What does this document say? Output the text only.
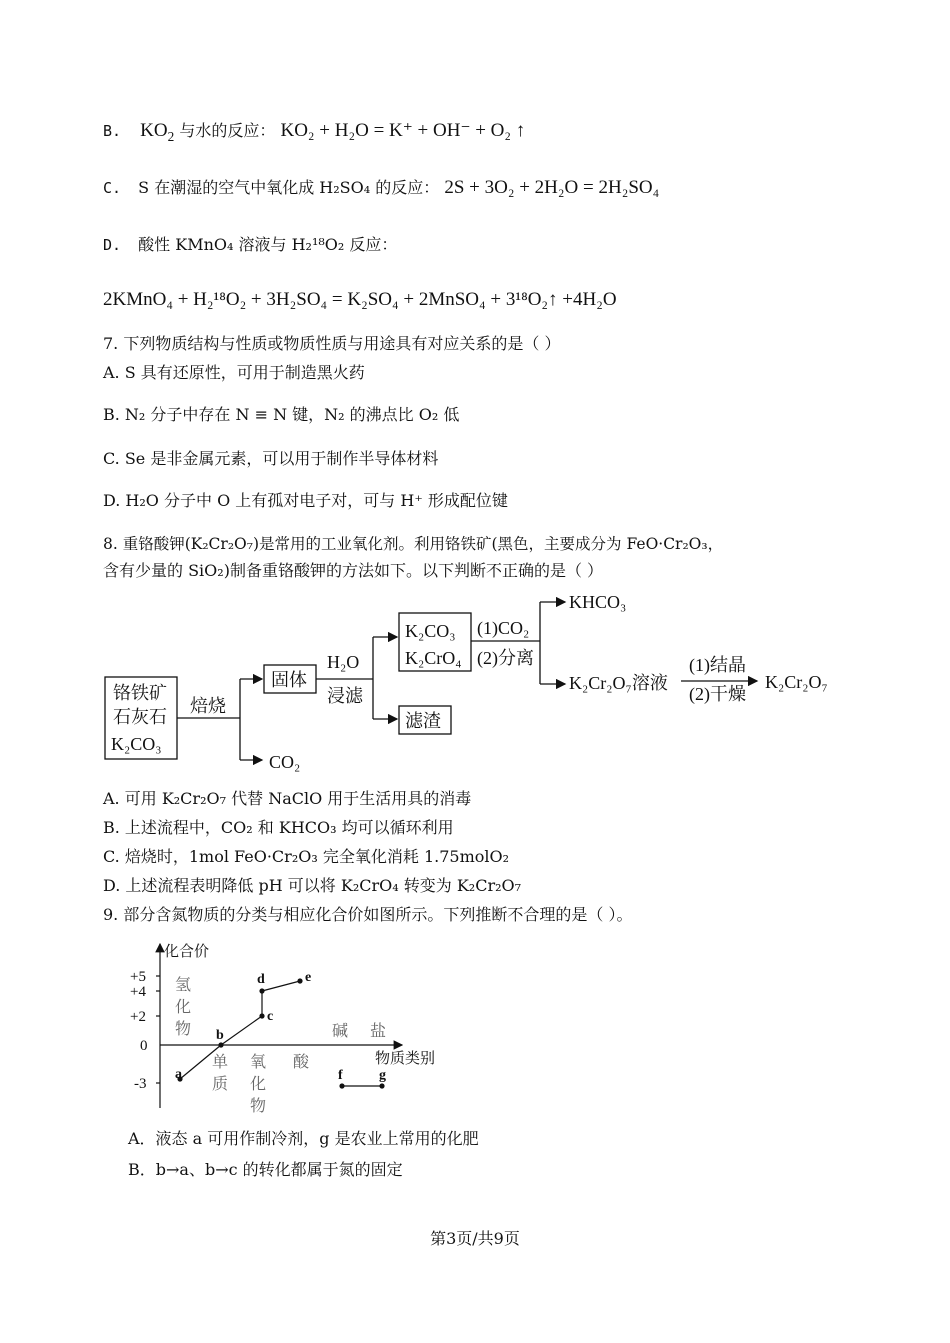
B. $KO_2$ 与水的反应： KO₂ + H₂O = K⁺ + OH⁻ + O₂ ↑
C. S 在潮湿的空气中氧化成 H₂SO₄ 的反应： 2S + 3O₂ + 2H₂O = 2H₂SO₄
D. 酸性 KMnO₄ 溶液与 H₂¹⁸O₂ 反应：
2KMnO₄ + H₂¹⁸O₂ + 3H₂SO₄ = K₂SO₄ + 2MnSO₄ + 3¹⁸O₂↑ +4H₂O
7. 下列物质结构与性质或物质性质与用途具有对应关系的是（ ）
A. S 具有还原性，可用于制造黑火药
B. N₂ 分子中存在 N ≡ N 键，N₂ 的沸点比 O₂ 低
C. Se 是非金属元素，可以用于制作半导体材料
D. H₂O 分子中 O 上有孤对电子对，可与 H⁺ 形成配位键
8. 重铬酸钾(K₂Cr₂O₇)是常用的工业氧化剂。利用铬铁矿(黑色，主要成分为 FeO·Cr₂O₃，
含有少量的 SiO₂)制备重铬酸钾的方法如下。以下判断不正确的是（ ）
铬铁矿
石灰石
K₂CO₃
焙烧
固体
H₂O
浸滤
K₂CO₃
K₂CrO₄
(1)CO₂
(2)分离
KHCO₃
K₂Cr₂O₇溶液
(1)结晶
(2)干燥
K₂Cr₂O₇
滤渣
CO₂
A. 可用 K₂Cr₂O₇ 代替 NaClO 用于生活用具的消毒
B. 上述流程中，CO₂ 和 KHCO₃ 均可以循环利用
C. 焙烧时，1mol FeO·Cr₂O₃ 完全氧化消耗 1.75molO₂
D. 上述流程表明降低 pH 可以将 K₂CrO₄ 转变为 K₂Cr₂O₇
9. 部分含氮物质的分类与相应化合价如图所示。下列推断不合理的是（ ）。
化合价
+5
+4
+2
0
-3
物质类别
氢
化
物
单
质
氧
化
物
酸
碱 盐
a
b
c
d	e
f	g
A．液态 a 可用作制冷剂，g 是农业上常用的化肥
B．b→a、b→c 的转化都属于氮的固定
第3页/共9页
